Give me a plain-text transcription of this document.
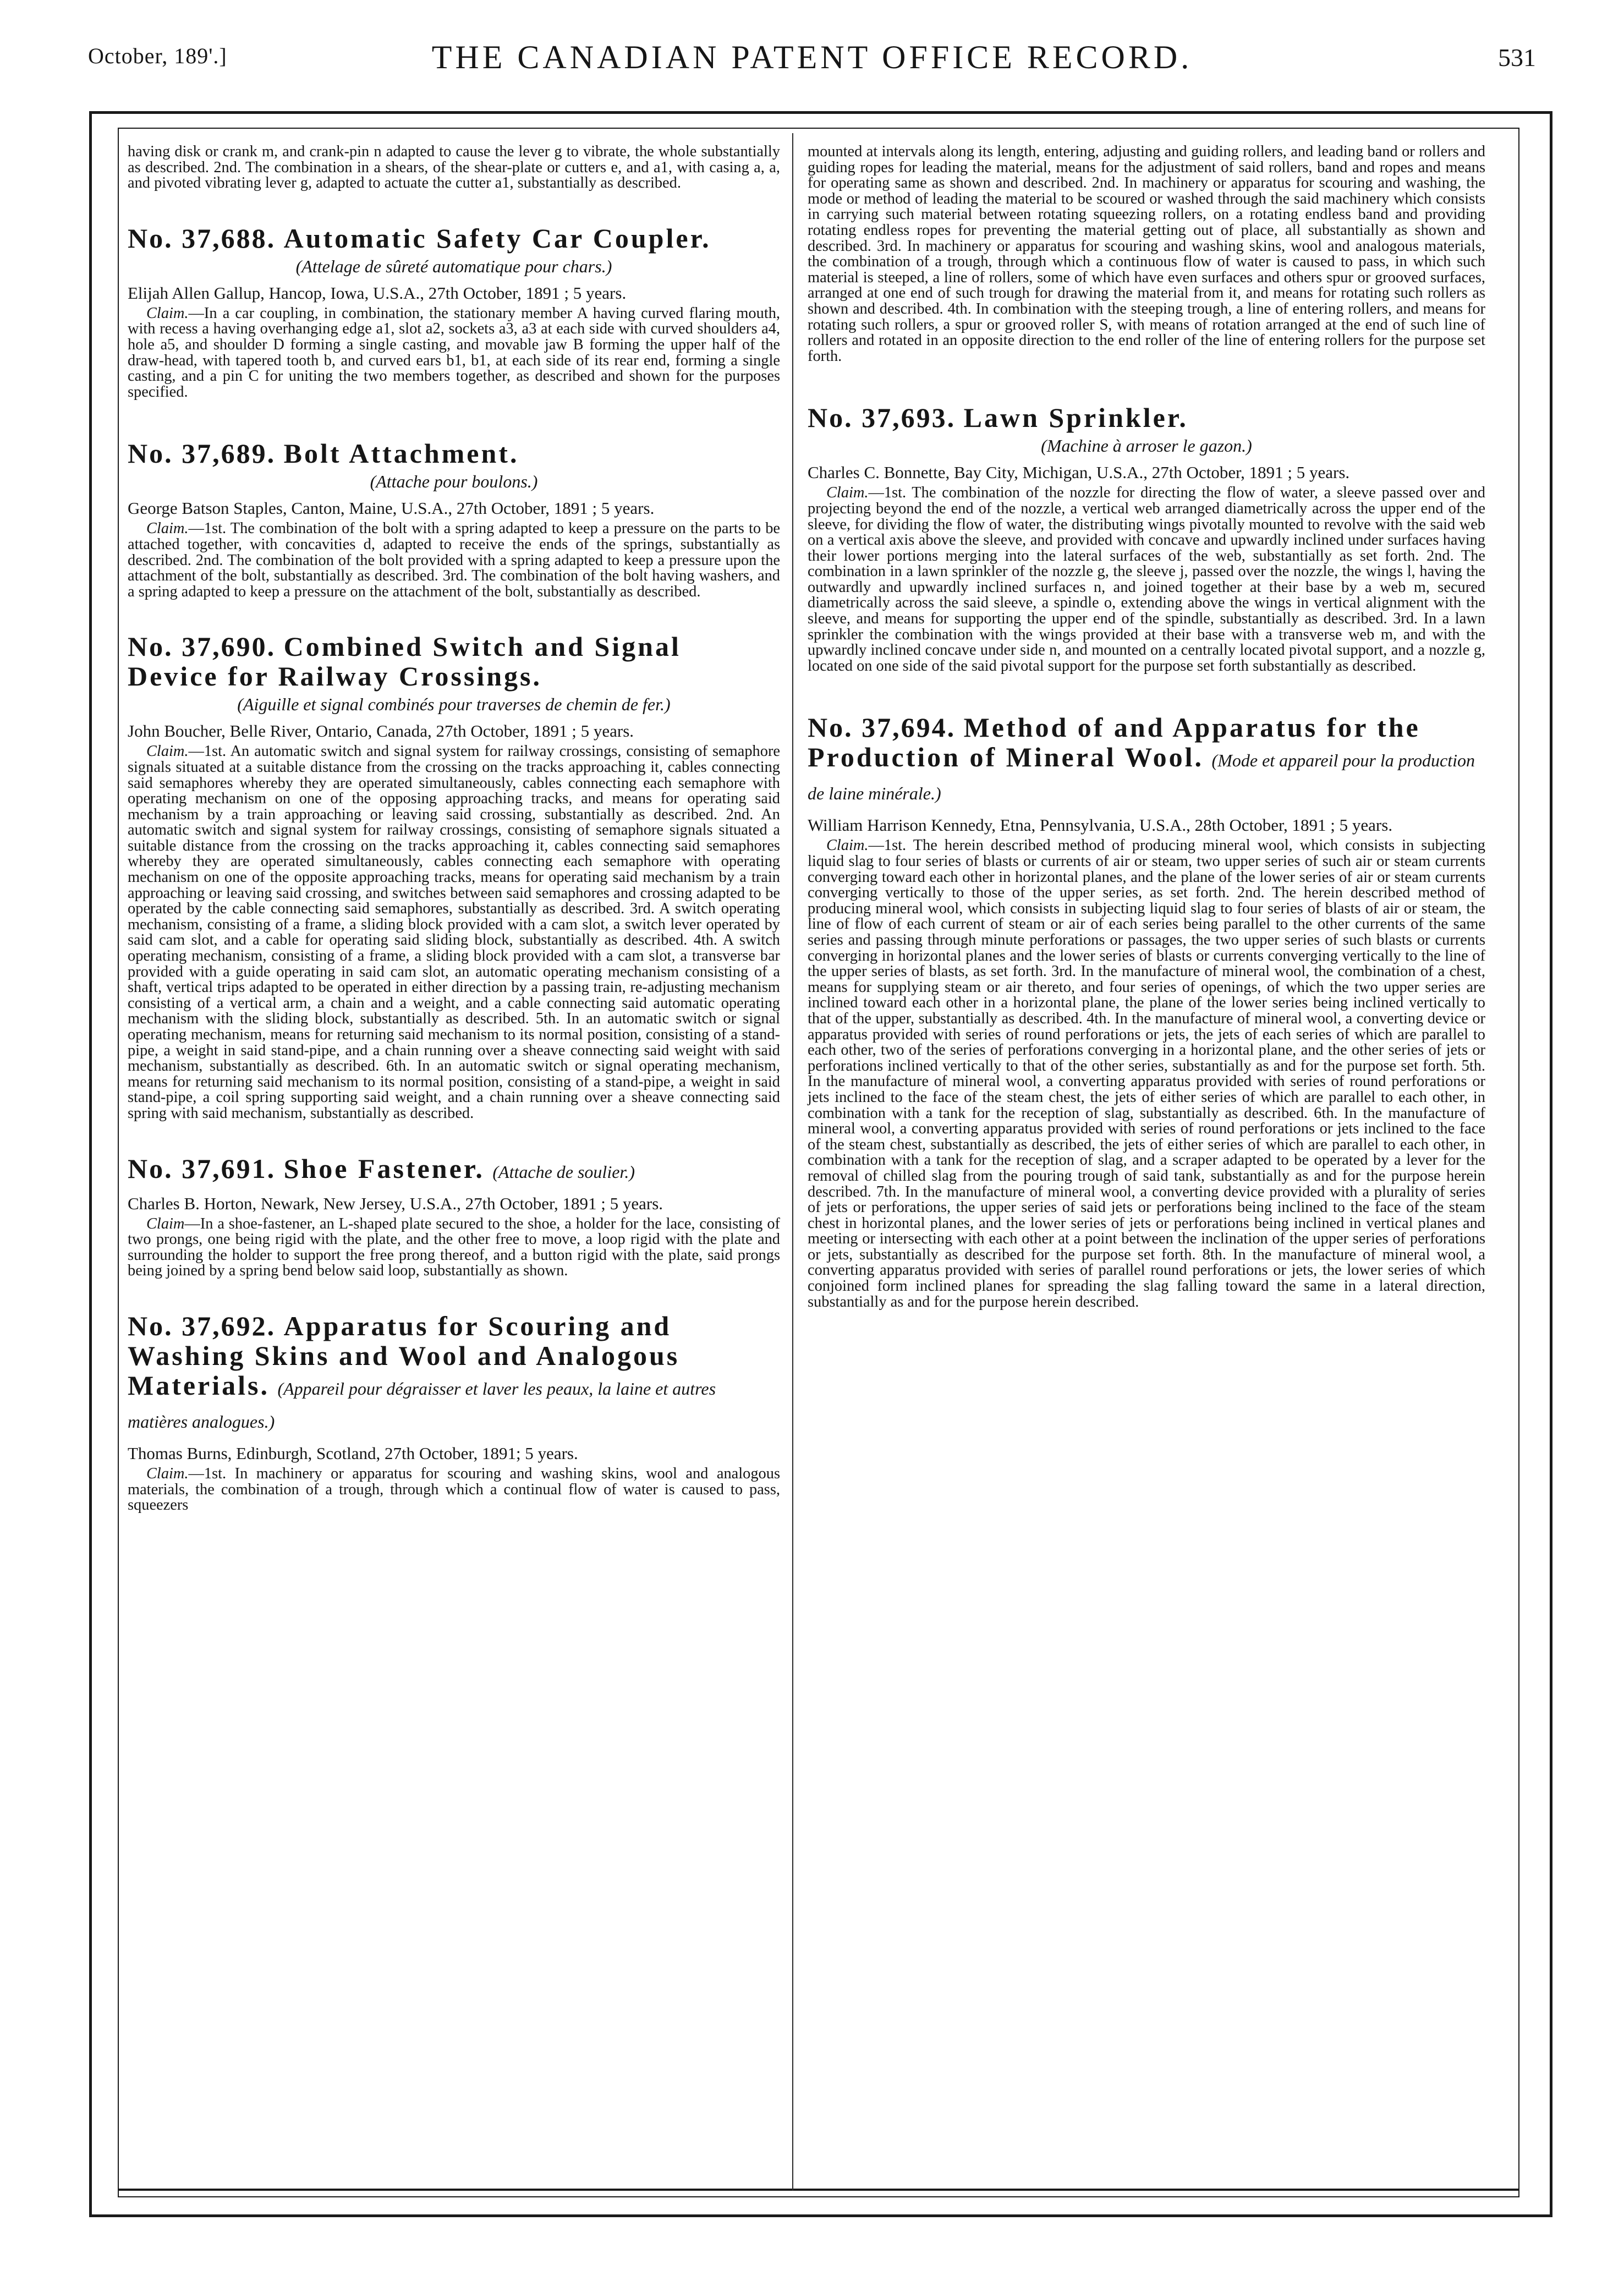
October, 189'.]	THE CANADIAN PATENT OFFICE RECORD.	531

having disk or crank m, and crank-pin n adapted to cause the lever g to vibrate, the whole substantially as described. 2nd. The combination in a shears, of the shear-plate or cutters e, and a1, with casing a, a, and pivoted vibrating lever g, adapted to actuate the cutter a1, substantially as described.

No. 37,688. Automatic Safety Car Coupler.

(Attelage de sûreté automatique pour chars.)

Elijah Allen Gallup, Hancop, Iowa, U.S.A., 27th October, 1891 ; 5 years.

Claim.—In a car coupling, in combination, the stationary member A having curved flaring mouth, with recess a having overhanging edge a1, slot a2, sockets a3, a3 at each side with curved shoulders a4, hole a5, and shoulder D forming a single casting, and movable jaw B forming the upper half of the draw-head, with tapered tooth b, and curved ears b1, b1, at each side of its rear end, forming a single casting, and a pin C for uniting the two members together, as described and shown for the purposes specified.

No. 37,689. Bolt Attachment.

(Attache pour boulons.)

George Batson Staples, Canton, Maine, U.S.A., 27th October, 1891 ; 5 years.

Claim.—1st. The combination of the bolt with a spring adapted to keep a pressure on the parts to be attached together, with concavities d, adapted to receive the ends of the springs, substantially as described. 2nd. The combination of the bolt provided with a spring adapted to keep a pressure upon the attachment of the bolt, substantially as described. 3rd. The combination of the bolt having washers, and a spring adapted to keep a pressure on the attachment of the bolt, substantially as described.

No. 37,690. Combined Switch and Signal Device for Railway Crossings.

(Aiguille et signal combinés pour traverses de chemin de fer.)

John Boucher, Belle River, Ontario, Canada, 27th October, 1891 ; 5 years.

Claim.—1st. An automatic switch and signal system for railway crossings, consisting of semaphore signals situated at a suitable distance from the crossing on the tracks approaching it, cables connecting said semaphores whereby they are operated simultaneously, cables connecting each semaphore with operating mechanism on one of the opposing approaching tracks, and means for operating said mechanism by a train approaching or leaving said crossing, substantially as described. 2nd. An automatic switch and signal system for railway crossings, consisting of semaphore signals situated a suitable distance from the crossing on the tracks approaching it, cables connecting said semaphores whereby they are operated simultaneously, cables connecting each semaphore with operating mechanism on one of the opposite approaching tracks, means for operating said mechanism by a train approaching or leaving said crossing, and switches between said semaphores and crossing adapted to be operated by the cable connecting said semaphores, substantially as described. 3rd. A switch operating mechanism, consisting of a frame, a sliding block provided with a cam slot, a switch lever operated by said cam slot, and a cable for operating said sliding block, substantially as described. 4th. A switch operating mechanism, consisting of a frame, a sliding block provided with a cam slot, a transverse bar provided with a guide operating in said cam slot, an automatic operating mechanism consisting of a shaft, vertical trips adapted to be operated in either direction by a passing train, re-adjusting mechanism consisting of a vertical arm, a chain and a weight, and a cable connecting said automatic operating mechanism with the sliding block, substantially as described. 5th. In an automatic switch or signal operating mechanism, means for returning said mechanism to its normal position, consisting of a stand-pipe, a weight in said stand-pipe, and a chain running over a sheave connecting said weight with said mechanism, substantially as described. 6th. In an automatic switch or signal operating mechanism, means for returning said mechanism to its normal position, consisting of a stand-pipe, a weight in said stand-pipe, a coil spring supporting said weight, and a chain running over a sheave connecting said spring with said mechanism, substantially as described.

No. 37,691. Shoe Fastener. (Attache de soulier.)

Charles B. Horton, Newark, New Jersey, U.S.A., 27th October, 1891 ; 5 years.

Claim—In a shoe-fastener, an L-shaped plate secured to the shoe, a holder for the lace, consisting of two prongs, one being rigid with the plate, and the other free to move, a loop rigid with the plate and surrounding the holder to support the free prong thereof, and a button rigid with the plate, said prongs being joined by a spring bend below said loop, substantially as shown.

No. 37,692. Apparatus for Scouring and Washing Skins and Wool and Analogous Materials. (Appareil pour dégraisser et laver les peaux, la laine et autres matières analogues.)

Thomas Burns, Edinburgh, Scotland, 27th October, 1891; 5 years.

Claim.—1st. In machinery or apparatus for scouring and washing skins, wool and analogous materials, the combination of a trough, through which a continual flow of water is caused to pass, squeezers

mounted at intervals along its length, entering, adjusting and guiding rollers, and leading band or rollers and guiding ropes for leading the material, means for the adjustment of said rollers, band and ropes and means for operating same as shown and described. 2nd. In machinery or apparatus for scouring and washing, the mode or method of leading the material to be scoured or washed through the said machinery which consists in carrying such material between rotating squeezing rollers, on a rotating endless band and providing rotating endless ropes for preventing the material getting out of place, all substantially as shown and described. 3rd. In machinery or apparatus for scouring and washing skins, wool and analogous materials, the combination of a trough, through which a continuous flow of water is caused to pass, in which such material is steeped, a line of rollers, some of which have even surfaces and others spur or grooved surfaces, arranged at one end of such trough for drawing the material from it, and means for rotating such rollers as shown and described. 4th. In combination with the steeping trough, a line of entering rollers, and means for rotating such rollers, a spur or grooved roller S, with means of rotation arranged at the end of such line of rollers and rotated in an opposite direction to the end roller of the line of entering rollers for the purpose set forth.

No. 37,693. Lawn Sprinkler.

(Machine à arroser le gazon.)

Charles C. Bonnette, Bay City, Michigan, U.S.A., 27th October, 1891 ; 5 years.

Claim.—1st. The combination of the nozzle for directing the flow of water, a sleeve passed over and projecting beyond the end of the nozzle, a vertical web arranged diametrically across the upper end of the sleeve, for dividing the flow of water, the distributing wings pivotally mounted to revolve with the said web on a vertical axis above the sleeve, and provided with concave and upwardly inclined under surfaces having their lower portions merging into the lateral surfaces of the web, substantially as set forth. 2nd. The combination in a lawn sprinkler of the nozzle g, the sleeve j, passed over the nozzle, the wings l, having the outwardly and upwardly inclined surfaces n, and joined together at their base by a web m, secured diametrically across the said sleeve, a spindle o, extending above the wings in vertical alignment with the sleeve, and means for supporting the upper end of the spindle, substantially as described. 3rd. In a lawn sprinkler the combination with the wings provided at their base with a transverse web m, and with the upwardly inclined concave under side n, and mounted on a centrally located pivotal support, and a nozzle g, located on one side of the said pivotal support for the purpose set forth substantially as described.

No. 37,694. Method of and Apparatus for the Production of Mineral Wool. (Mode et appareil pour la production de laine minérale.)

William Harrison Kennedy, Etna, Pennsylvania, U.S.A., 28th October, 1891 ; 5 years.

Claim.—1st. The herein described method of producing mineral wool, which consists in subjecting liquid slag to four series of blasts or currents of air or steam, two upper series of such air or steam currents converging toward each other in horizontal planes, and the plane of the lower series of air or steam currents converging vertically to those of the upper series, as set forth. 2nd. The herein described method of producing mineral wool, which consists in subjecting liquid slag to four series of blasts of air or steam, the line of flow of each current of steam or air of each series being parallel to the other currents of the same series and passing through minute perforations or passages, the two upper series of such blasts or currents converging in horizontal planes and the lower series of blasts or currents converging vertically to the line of the upper series of blasts, as set forth. 3rd. In the manufacture of mineral wool, the combination of a chest, means for supplying steam or air thereto, and four series of openings, of which the two upper series are inclined toward each other in a horizontal plane, the plane of the lower series being inclined vertically to that of the upper, substantially as described. 4th. In the manufacture of mineral wool, a converting device or apparatus provided with series of round perforations or jets, the jets of each series of which are parallel to each other, two of the series of perforations converging in a horizontal plane, and the other series of jets or perforations inclined vertically to that of the other series, substantially as and for the purpose set forth. 5th. In the manufacture of mineral wool, a converting apparatus provided with series of round perforations or jets inclined to the face of the steam chest, the jets of either series of which are parallel to each other, in combination with a tank for the reception of slag, substantially as described. 6th. In the manufacture of mineral wool, a converting apparatus provided with series of round perforations or jets inclined to the face of the steam chest, substantially as described, the jets of either series of which are parallel to each other, in combination with a tank for the reception of slag, and a scraper adapted to be operated by a lever for the removal of chilled slag from the pouring trough of said tank, substantially as and for the purpose herein described. 7th. In the manufacture of mineral wool, a converting device provided with a plurality of series of jets or perforations, the upper series of said jets or perforations being inclined to the face of the steam chest in horizontal planes, and the lower series of jets or perforations being inclined in vertical planes and meeting or intersecting with each other at a point between the inclination of the upper series of perforations or jets, substantially as described for the purpose set forth. 8th. In the manufacture of mineral wool, a converting apparatus provided with series of parallel round perforations or jets, the lower series of which conjoined form inclined planes for spreading the slag falling toward the same in a lateral direction, substantially as and for the purpose herein described.
